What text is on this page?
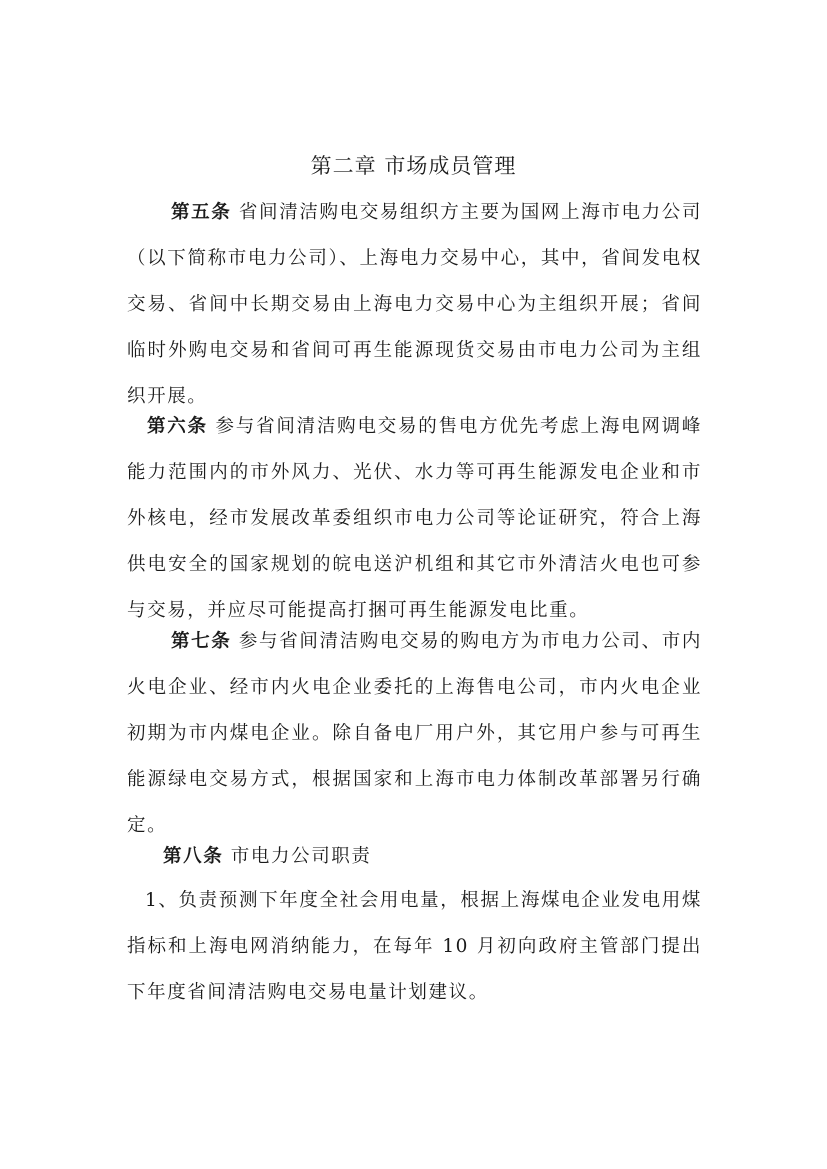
第二章 市场成员管理
第五条 省间清洁购电交易组织方主要为国网上海市电力公司（以下简称市电力公司）、上海电力交易中心，其中，省间发电权交易、省间中长期交易由上海电力交易中心为主组织开展；省间临时外购电交易和省间可再生能源现货交易由市电力公司为主组织开展。
第六条 参与省间清洁购电交易的售电方优先考虑上海电网调峰能力范围内的市外风力、光伏、水力等可再生能源发电企业和市外核电，经市发展改革委组织市电力公司等论证研究，符合上海供电安全的国家规划的皖电送沪机组和其它市外清洁火电也可参与交易，并应尽可能提高打捆可再生能源发电比重。
第七条 参与省间清洁购电交易的购电方为市电力公司、市内火电企业、经市内火电企业委托的上海售电公司，市内火电企业初期为市内煤电企业。除自备电厂用户外，其它用户参与可再生能源绿电交易方式，根据国家和上海市电力体制改革部署另行确定。
第八条 市电力公司职责
1、负责预测下年度全社会用电量，根据上海煤电企业发电用煤指标和上海电网消纳能力，在每年 10 月初向政府主管部门提出下年度省间清洁购电交易电量计划建议。
